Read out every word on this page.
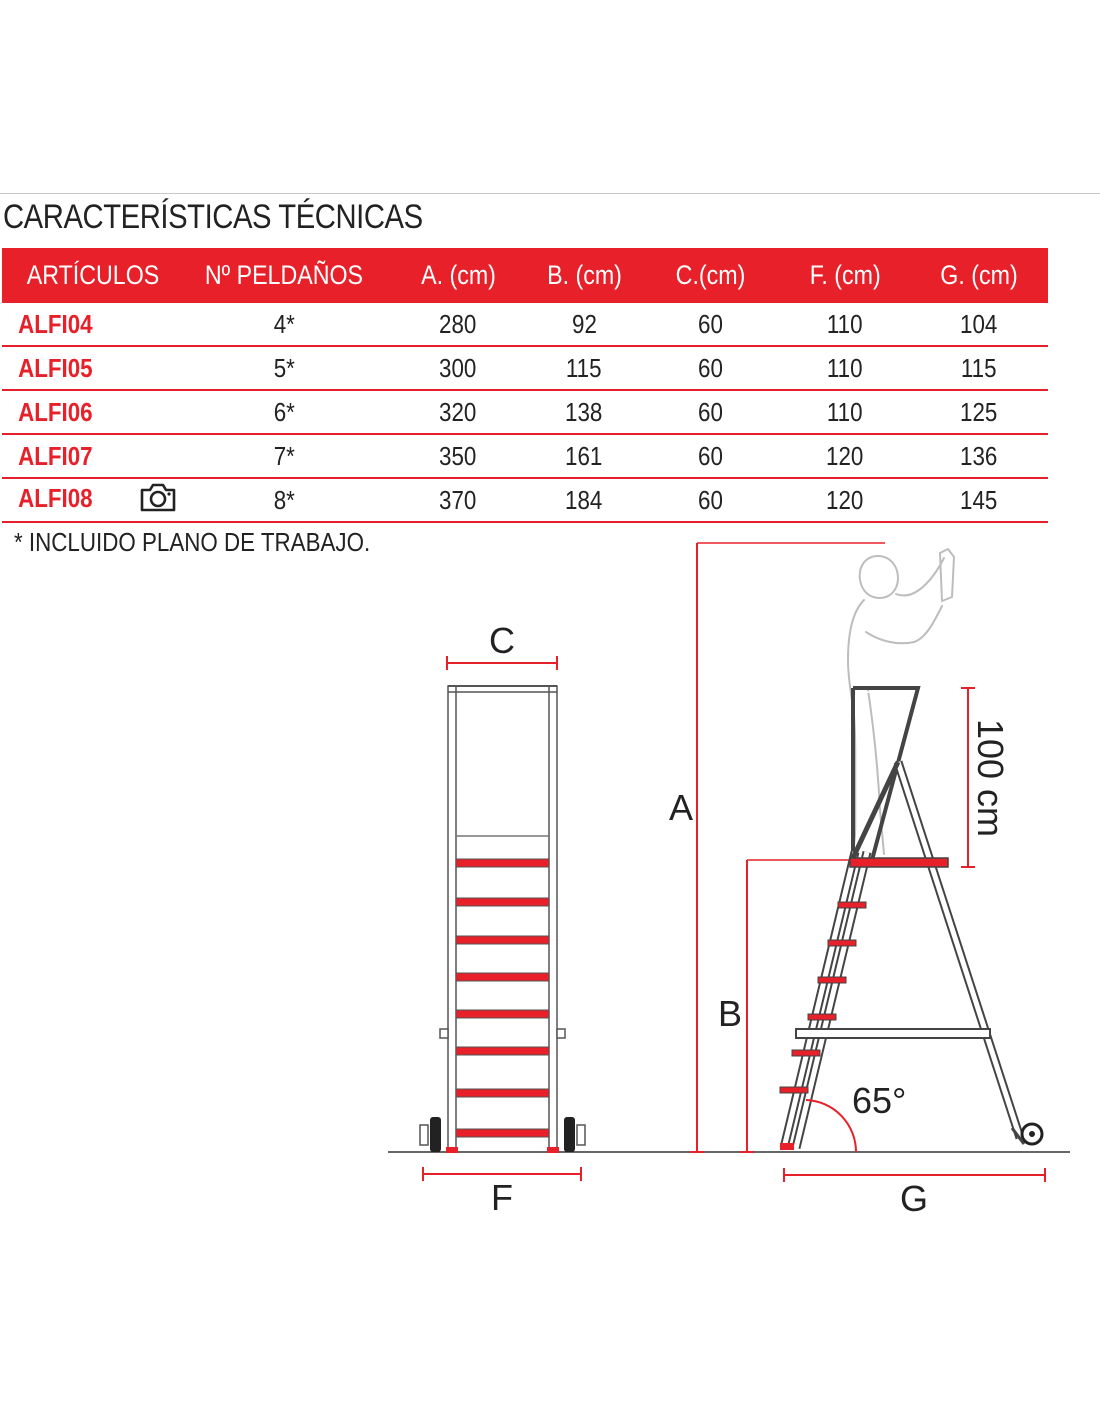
CARACTERÍSTICAS TÉCNICAS
ARTÍCULOS	Nº PELDAÑOS	A. (cm)	B. (cm)	C.(cm)	F. (cm)	G. (cm)
ALFI04	4*	280	92	60	110	104
ALFI05	5*	300	115	60	110	115
ALFI06	6*	320	138	60	110	125
ALFI07	7*	350	161	60	120	136
ALFI08	8*	370	184	60	120	145
* INCLUIDO PLANO DE TRABAJO.
C
F
A
B
65°
100 cm
G
